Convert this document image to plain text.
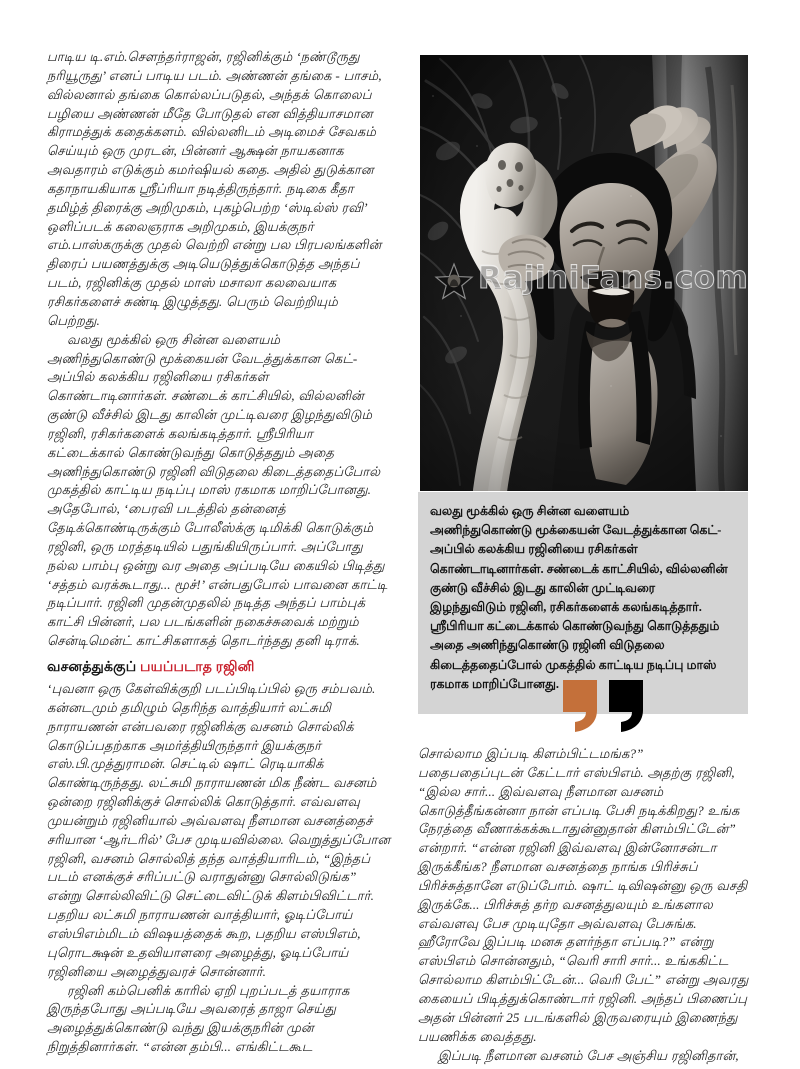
பாடிய டி.எம்.சௌந்தர்ராஜன், ரஜினிக்கும் ‘நண்டூருது நரியூருது’ எனப் பாடிய படம். அண்ணன் தங்கை - பாசம், வில்லனால் தங்கை கொல்லப்படுதல், அந்தக் கொலைப் பழியை அண்ணன் மீதே போடுதல் என வித்தியாசமான கிராமத்துக் கதைக்களம். வில்லனிடம் அடிமைச் சேவகம் செய்யும் ஒரு முரடன், பின்னர் ஆக்ஷன் நாயகனாக அவதாரம் எடுக்கும் கமர்ஷியல் கதை. அதில் துடுக்கான கதாநாயகியாக ஸ்ரீப்ரியா நடித்திருந்தார். நடிகை கீதா தமிழ்த் திரைக்கு அறிமுகம், புகழ்பெற்ற ‘ஸ்டில்ஸ் ரவி’ ஒளிப்படக் கலைஞராக அறிமுகம், இயக்குநர் எம்.பாஸ்கருக்கு முதல் வெற்றி என்று பல பிரபலங்களின் திரைப் பயணத்துக்கு அடியெடுத்துக்கொடுத்த அந்தப் படம், ரஜினிக்கு முதல் மாஸ் மசாலா கலவையாக ரசிகர்களைச் சுண்டி இழுத்தது. பெரும் வெற்றியும் பெற்றது.

வலது மூக்கில் ஒரு சின்ன வளையம் அணிந்துகொண்டு மூக்கையன் வேடத்துக்கான கெட்-அப்பில் கலக்கிய ரஜினியை ரசிகர்கள் கொண்டாடினார்கள். சண்டைக் காட்சியில், வில்லனின் குண்டு வீச்சில் இடது காலின் முட்டிவரை இழந்துவிடும் ரஜினி, ரசிகர்களைக் கலங்கடித்தார். ஸ்ரீபிரியா கட்டைக்கால் கொண்டுவந்து கொடுத்ததும் அதை அணிந்துகொண்டு ரஜினி விடுதலை கிடைத்ததைப்போல் முகத்தில் காட்டிய நடிப்பு மாஸ் ரகமாக மாறிப்போனது. அதேபோல், ‘பைரவி படத்தில் தன்னைத் தேடிக்கொண்டிருக்கும் போலீஸ்க்கு டிமிக்கி கொடுக்கும் ரஜினி, ஒரு மரத்தடியில் பதுங்கியிருப்பார். அப்போது நல்ல பாம்பு ஒன்று வர அதை அப்படியே கையில் பிடித்து ‘சத்தம் வரக்கூடாது... மூச்!’ என்பதுபோல் பாவனை காட்டி நடிப்பார். ரஜினி முதன்முதலில் நடித்த அந்தப் பாம்புக் காட்சி பின்னர், பல படங்களின் நகைச்சுவைக் மற்றும் சென்டிமென்ட் காட்சிகளாகத் தொடர்ந்தது தனி டிராக்.

வசனத்துக்குப் பயப்படாத ரஜினி

‘புவனா ஒரு கேள்விக்குறி படப்பிடிப்பில் ஒரு சம்பவம். கன்னடமும் தமிழும் தெரிந்த வாத்தியார் லட்சுமி நாராயணன் என்பவரை ரஜினிக்கு வசனம் சொல்லிக் கொடுப்பதற்காக அமர்த்தியிருந்தார் இயக்குநர் எஸ்.பி.முத்துராமன். செட்டில் ஷாட் ரெடியாகிக் கொண்டிருந்தது. லட்சுமி நாராயணன் மிக நீண்ட வசனம் ஒன்றை ரஜினிக்குச் சொல்லிக் கொடுத்தார். எவ்வளவு முயன்றும் ரஜினியால் அவ்வளவு நீளமான வசனத்தைச் சரியான ‘ஆர்டரில்’ பேச முடியவில்லை. வெறுத்துப்போன ரஜினி, வசனம் சொல்லித் தந்த வாத்தியாரிடம், “இந்தப் படம் எனக்குச் சரிப்பட்டு வராதுன்னு சொல்லிடுங்க” என்று சொல்லிவிட்டு செட்டைவிட்டுக் கிளம்பிவிட்டார். பதறிய லட்சுமி நாராயணன் வாத்தியார், ஓடிப்போய் எஸ்பிஎம்மிடம் விஷயத்தைக் கூற, பதறிய எஸ்பிஎம், புரொடக்ஷன் உதவியாளரை அழைத்து, ஓடிப்போய் ரஜினியை அழைத்துவரச் சொன்னார்.

ரஜினி கம்பெனிக் காரில் ஏறி புறப்படத் தயாராக இருந்தபோது அப்படியே அவரைத் தாஜா செய்து அழைத்துக்கொண்டு வந்து இயக்குநரின் முன் நிறுத்தினார்கள். “என்ன தம்பி... எங்கிட்டகூட

RajiniFans.com
வலது மூக்கில் ஒரு சின்ன வளையம் அணிந்துகொண்டு மூக்கையன் வேடத்துக்கான கெட்-அப்பில் கலக்கிய ரஜினியை ரசிகர்கள் கொண்டாடினார்கள். சண்டைக் காட்சியில், வில்லனின் குண்டு வீச்சில் இடது காலின் முட்டிவரை இழந்துவிடும் ரஜினி, ரசிகர்களைக் கலங்கடித்தார். ஸ்ரீபிரியா கட்டைக்கால் கொண்டுவந்து கொடுத்ததும் அதை அணிந்துகொண்டு ரஜினி விடுதலை கிடைத்ததைப்போல் முகத்தில் காட்டிய நடிப்பு மாஸ் ரகமாக மாறிப்போனது.

சொல்லாம இப்படி கிளம்பிட்டமங்க?” பதைபதைப்புடன் கேட்டார் எஸ்பிஎம். அதற்கு ரஜினி, “இல்ல சார்... இவ்வளவு நீளமான வசனம் கொடுத்தீங்கன்னா நான் எப்படி பேசி நடிக்கிறது? உங்க நேரத்தை வீணாக்கக்கூடாதுன்னுதான் கிளம்பிட்டேன்” என்றார். “என்ன ரஜினி இவ்வளவு இன்னோசன்டா இருக்கீங்க? நீளமான வசனத்தை நாங்க பிரிச்சுப் பிரிச்சுத்தானே எடுப்போம். ஷாட் டிவிஷன்னு ஒரு வசதி இருக்கே... பிரிச்சுத் தர்ற வசனத்துலயும் உங்களால எவ்வளவு பேச முடியுதோ அவ்வளவு பேசுங்க. ஹீரோவே இப்படி மனசு தளர்ந்தா எப்படி?” என்று எஸ்பிஎம் சொன்னதும், “வெரி சாரி சார்... உங்ககிட்ட சொல்லாம கிளம்பிட்டேன்... வெரி பேட்” என்று அவரது கையைப் பிடித்துக்கொண்டார் ரஜினி. அந்தப் பிணைப்பு அதன் பின்னர் 25 படங்களில் இருவரையும் இணைந்து பயணிக்க வைத்தது.

இப்படி நீளமான வசனம் பேச அஞ்சிய ரஜினிதான்,
